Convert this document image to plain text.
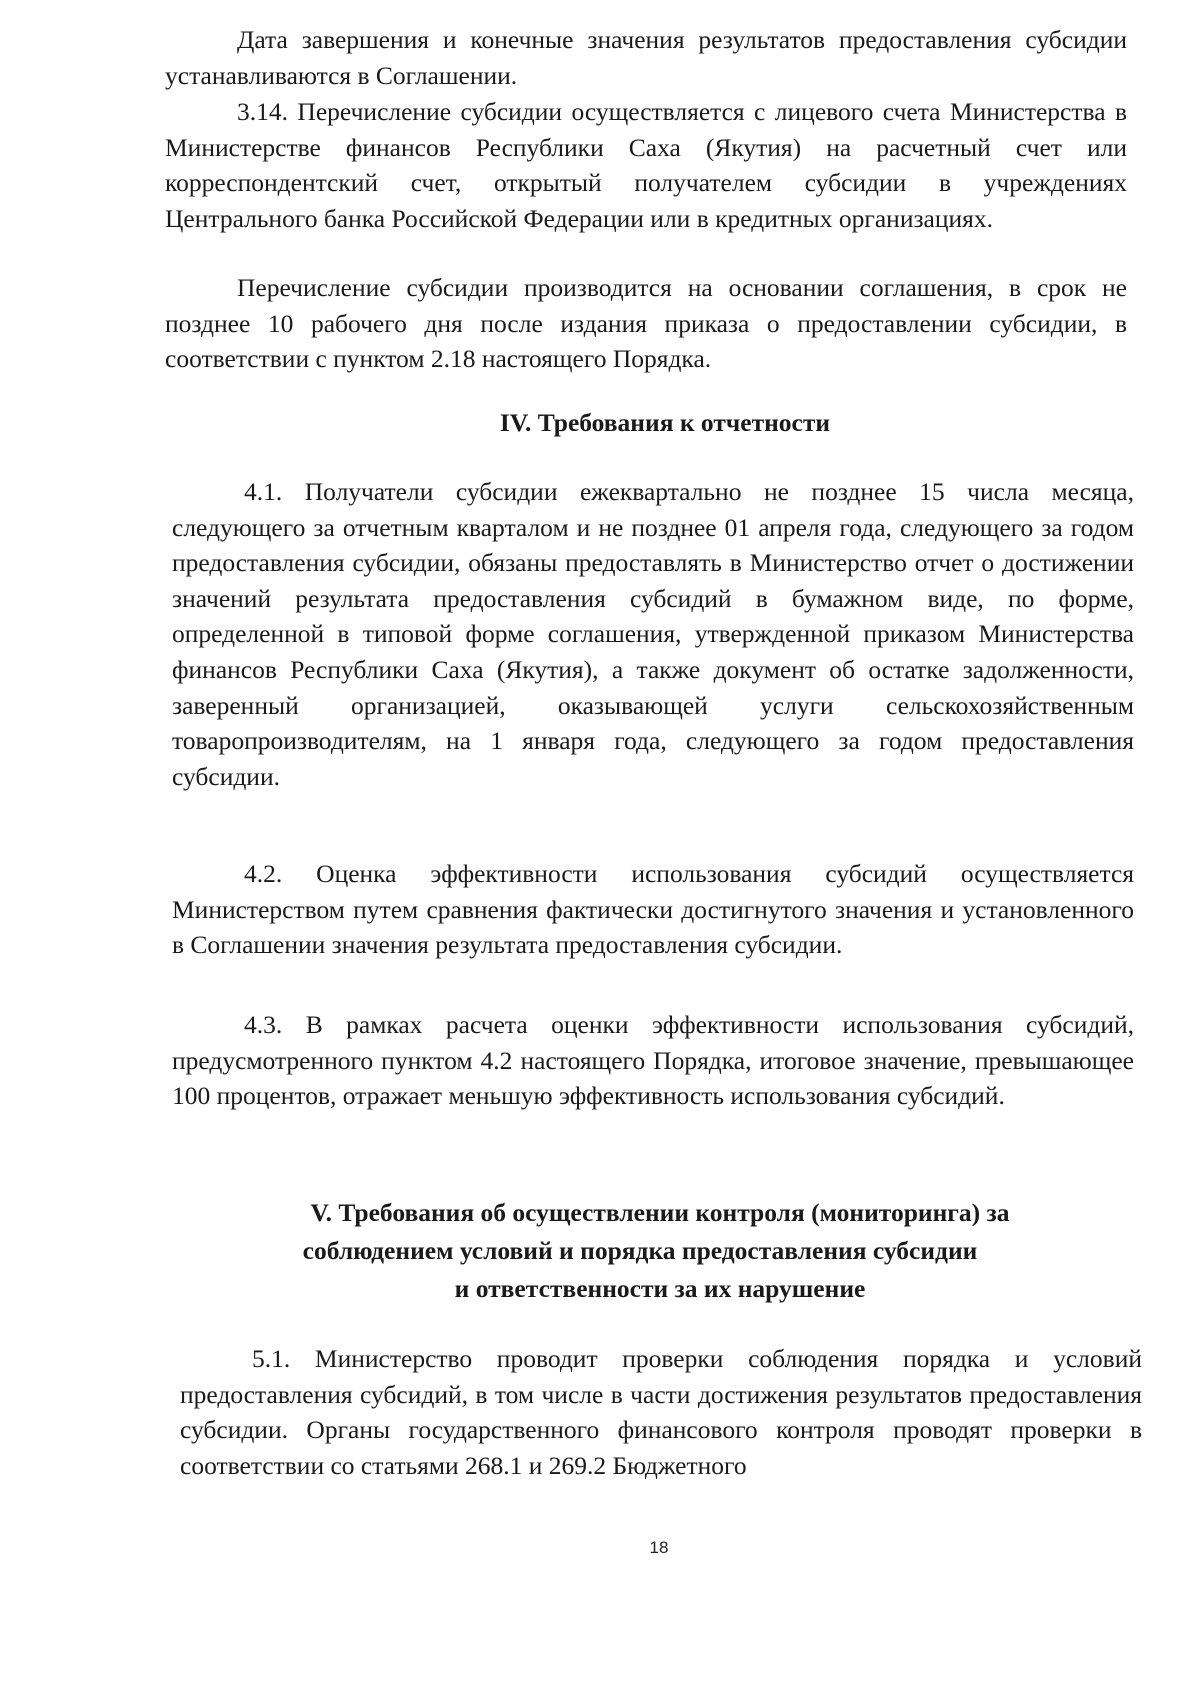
Дата завершения и конечные значения результатов предоставления субсидии устанавливаются в Соглашении.

3.14. Перечисление субсидии осуществляется с лицевого счета Министерства в Министерстве финансов Республики Саха (Якутия) на расчетный счет или корреспондентский счет, открытый получателем субсидии в учреждениях Центрального банка Российской Федерации или в кредитных организациях.

Перечисление субсидии производится на основании соглашения, в срок не позднее 10 рабочего дня после издания приказа о предоставлении субсидии, в соответствии с пунктом 2.18 настоящего Порядка.

IV. Требования к отчетности

4.1. Получатели субсидии ежеквартально не позднее 15 числа месяца, следующего за отчетным кварталом и не позднее 01 апреля года, следующего за годом предоставления субсидии, обязаны предоставлять в Министерство отчет о достижении значений результата предоставления субсидий в бумажном виде, по форме, определенной в типовой форме соглашения, утвержденной приказом Министерства финансов Республики Саха (Якутия), а также документ об остатке задолженности, заверенный организацией, оказывающей услуги сельскохозяйственным товаропроизводителям, на 1 января года, следующего за годом предоставления субсидии.

4.2. Оценка эффективности использования субсидий осуществляется Министерством путем сравнения фактически достигнутого значения и установленного в Соглашении значения результата предоставления субсидии.

4.3. В рамках расчета оценки эффективности использования субсидий, предусмотренного пунктом 4.2 настоящего Порядка, итоговое значение, превышающее 100 процентов, отражает меньшую эффективность использования субсидий.

V. Требования об осуществлении контроля (мониторинга) за
соблюдением условий и порядка предоставления субсидии
и ответственности за их нарушение

5.1. Министерство проводит проверки соблюдения порядка и условий предоставления субсидий, в том числе в части достижения результатов предоставления субсидии. Органы государственного финансового контроля проводят проверки в соответствии со статьями 268.1 и 269.2 Бюджетного

18
